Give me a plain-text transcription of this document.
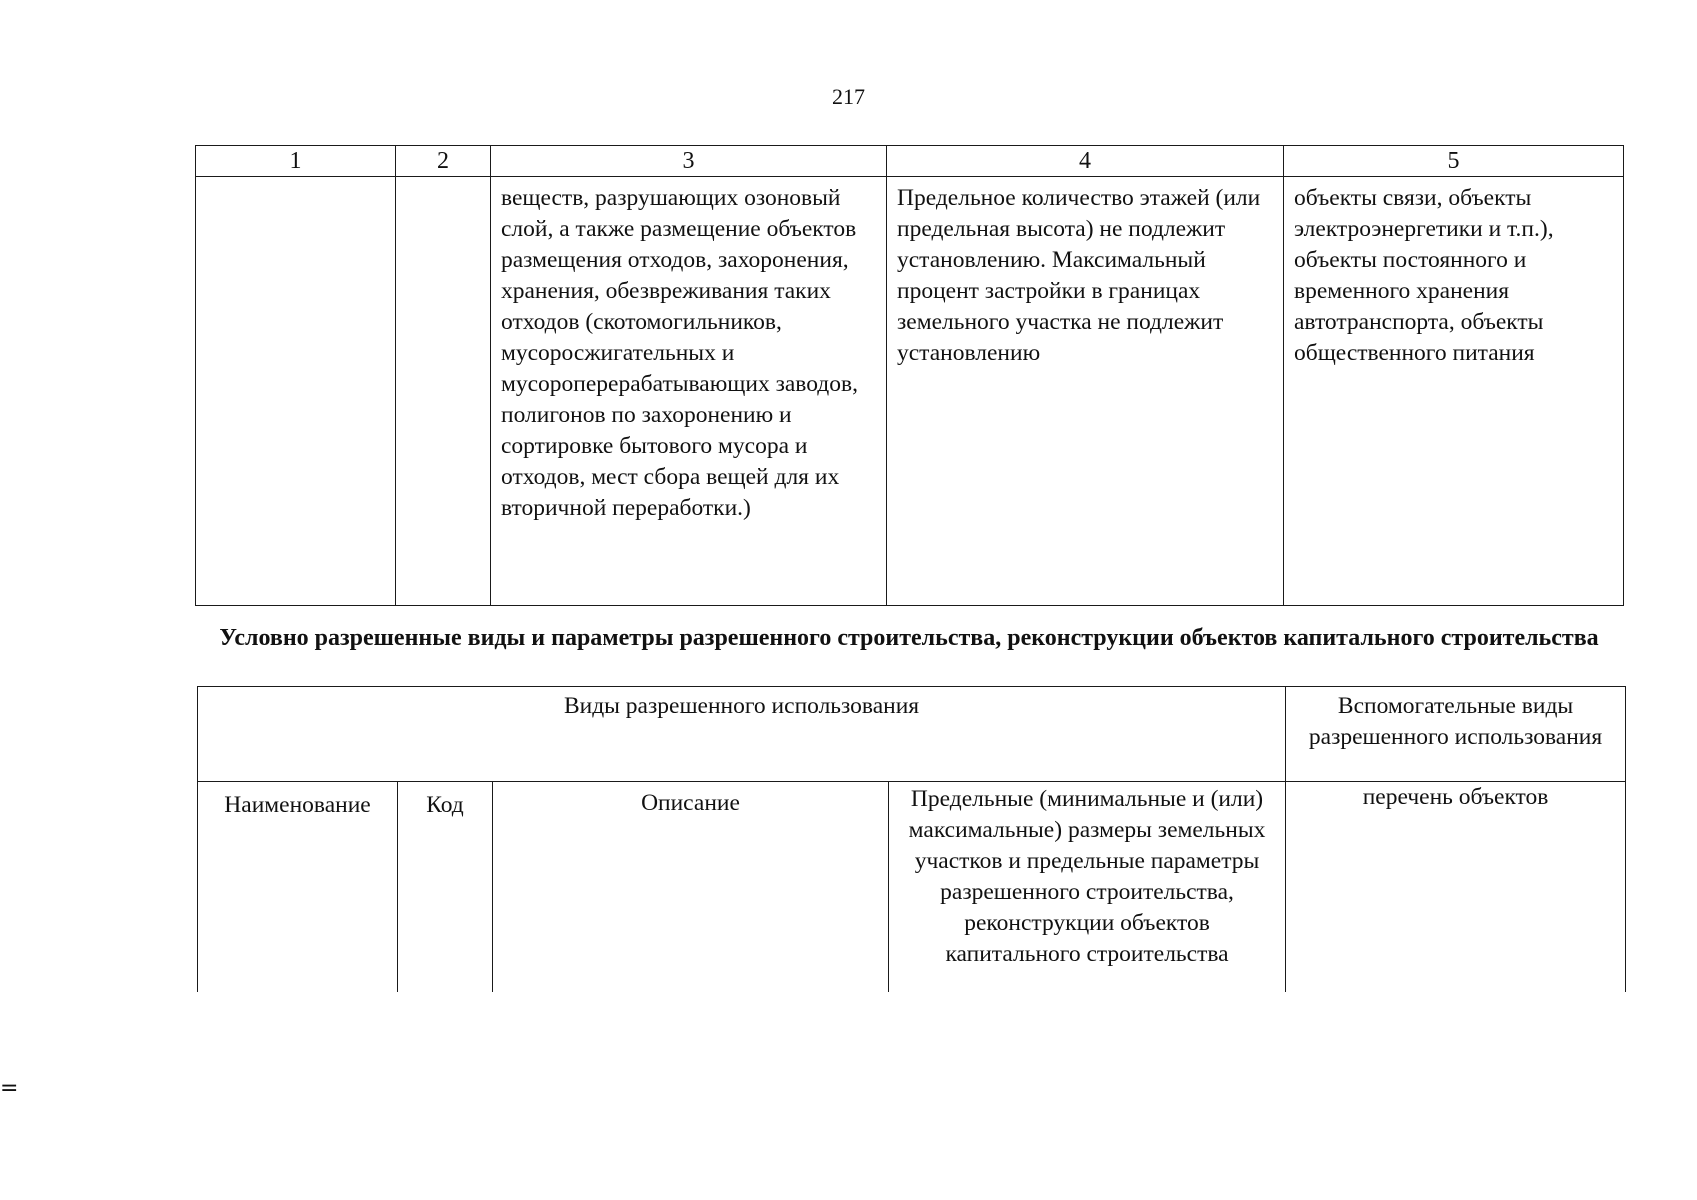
217
1	2	3	4	5

		веществ, разрушающих озоновый слой, а также размещение объектов размещения отходов, захоронения, хранения, обезвреживания таких отходов (скотомогильников, мусоросжигательных и мусороперерабатывающих заводов, полигонов по захоронению и сортировке бытового мусора и отходов, мест сбора вещей для их вторичной переработки.)	Предельное количество этажей (или предельная высота) не подлежит установлению. Максимальный процент застройки в границах земельного участка не подлежит установлению	объекты связи, объекты электроэнергетики и т.п.), объекты постоянного и временного хранения автотранспорта, объекты общественного питания
Условно разрешенные виды и параметры разрешенного строительства, реконструкции объектов капитального строительства
Виды разрешенного использования				Вспомогательные виды разрешенного использования

Наименование	Код	Описание	Предельные (минимальные и (или) максимальные) размеры земельных участков и предельные параметры разрешенного строительства, реконструкции объектов капитального строительства	перечень объектов
=
